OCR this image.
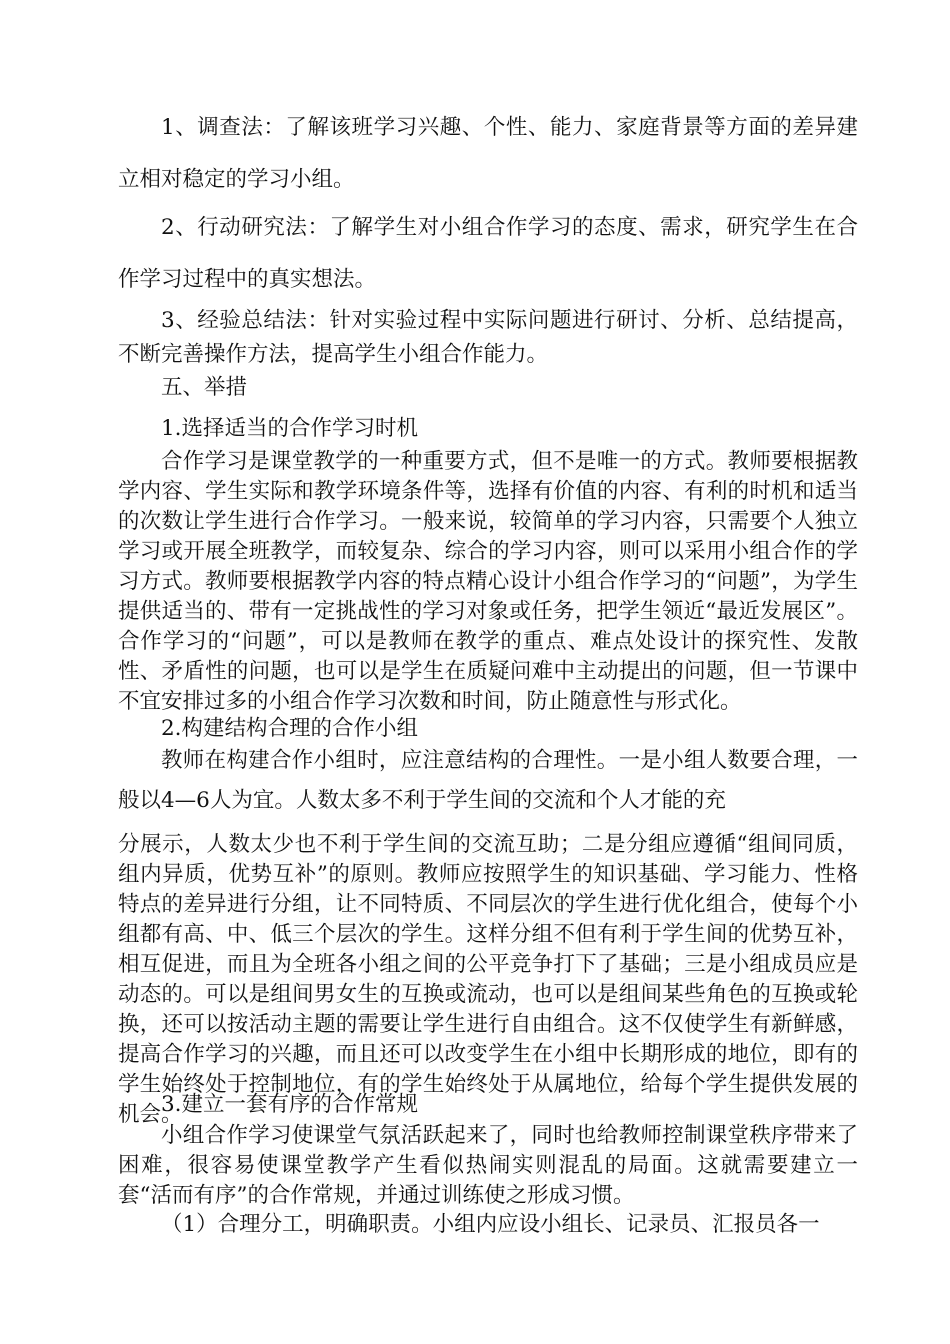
1、调查法：了解该班学习兴趣、个性、能力、家庭背景等方面的差异建立相对稳定的学习小组。

2、行动研究法：了解学生对小组合作学习的态度、需求，研究学生在合作学习过程中的真实想法。

3、经验总结法：针对实验过程中实际问题进行研讨、分析、总结提高，不断完善操作方法，提高学生小组合作能力。

五、举措

1.选择适当的合作学习时机

合作学习是课堂教学的一种重要方式，但不是唯一的方式。教师要根据教学内容、学生实际和教学环境条件等，选择有价值的内容、有利的时机和适当的次数让学生进行合作学习。一般来说，较简单的学习内容，只需要个人独立学习或开展全班教学，而较复杂、综合的学习内容，则可以采用小组合作的学习方式。教师要根据教学内容的特点精心设计小组合作学习的“问题”，为学生提供适当的、带有一定挑战性的学习对象或任务，把学生领近“最近发展区”。合作学习的“问题”，可以是教师在教学的重点、难点处设计的探究性、发散性、矛盾性的问题，也可以是学生在质疑问难中主动提出的问题，但一节课中不宜安排过多的小组合作学习次数和时间，防止随意性与形式化。

2.构建结构合理的合作小组

教师在构建合作小组时，应注意结构的合理性。一是小组人数要合理，一般以4—6人为宜。人数太多不利于学生间的交流和个人才能的充

分展示，人数太少也不利于学生间的交流互助；二是分组应遵循“组间同质，组内异质，优势互补”的原则。教师应按照学生的知识基础、学习能力、性格特点的差异进行分组，让不同特质、不同层次的学生进行优化组合，使每个小组都有高、中、低三个层次的学生。这样分组不但有利于学生间的优势互补，相互促进，而且为全班各小组之间的公平竞争打下了基础；三是小组成员应是动态的。可以是组间男女生的互换或流动，也可以是组间某些角色的互换或轮换，还可以按活动主题的需要让学生进行自由组合。这不仅使学生有新鲜感，提高合作学习的兴趣，而且还可以改变学生在小组中长期形成的地位，即有的学生始终处于控制地位，有的学生始终处于从属地位，给每个学生提供发展的机会。

3.建立一套有序的合作常规

小组合作学习使课堂气氛活跃起来了，同时也给教师控制课堂秩序带来了困难，很容易使课堂教学产生看似热闹实则混乱的局面。这就需要建立一套“活而有序”的合作常规，并通过训练使之形成习惯。

（1）合理分工，明确职责。小组内应设小组长、记录员、汇报员各一
